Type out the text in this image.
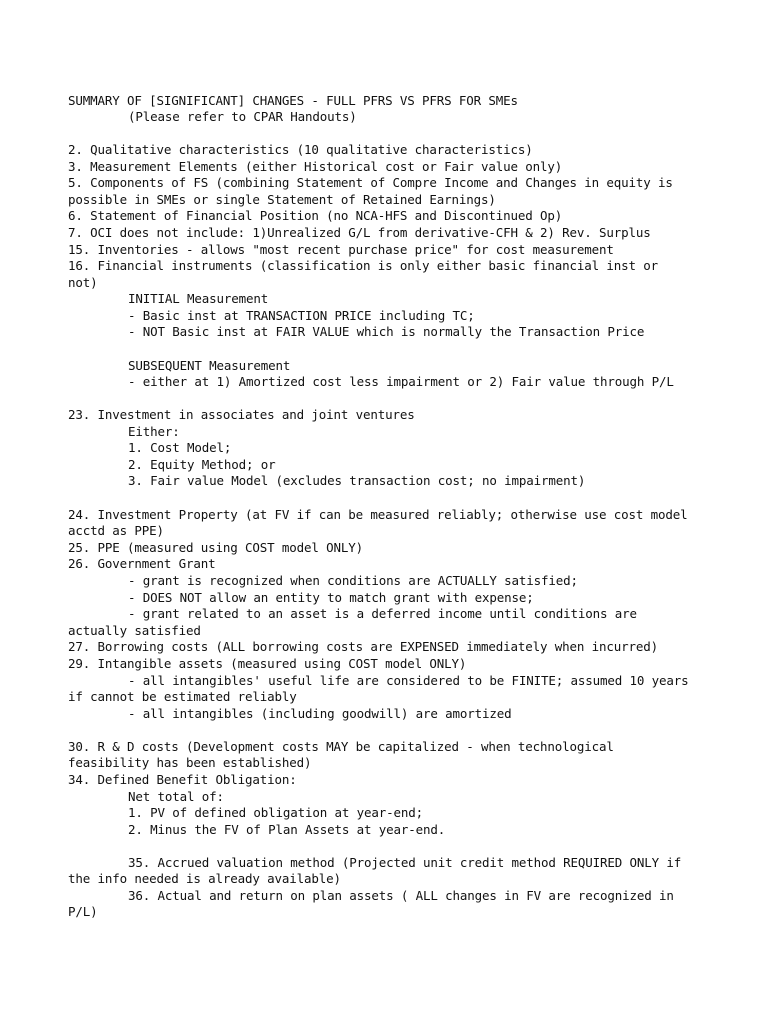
SUMMARY OF [SIGNIFICANT] CHANGES - FULL PFRS VS PFRS FOR SMEs

(Please refer to CPAR Handouts)

2. Qualitative characteristics (10 qualitative characteristics)

3. Measurement Elements (either Historical cost or Fair value only)

5. Components of FS (combining Statement of Compre Income and Changes in equity is

possible in SMEs or single Statement of Retained Earnings)

6. Statement of Financial Position (no NCA-HFS and Discontinued Op)

7. OCI does not include: 1)Unrealized G/L from derivative-CFH & 2) Rev. Surplus

15. Inventories - allows "most recent purchase price" for cost measurement

16. Financial instruments (classification is only either basic financial inst or

not)

INITIAL Measurement

- Basic inst at TRANSACTION PRICE including TC;

- NOT Basic inst at FAIR VALUE which is normally the Transaction Price

SUBSEQUENT Measurement

- either at 1) Amortized cost less impairment or 2) Fair value through P/L

23. Investment in associates and joint ventures

Either:

1. Cost Model;

2. Equity Method; or

3. Fair value Model (excludes transaction cost; no impairment)

24. Investment Property (at FV if can be measured reliably; otherwise use cost model

acctd as PPE)

25. PPE (measured using COST model ONLY)

26. Government Grant

- grant is recognized when conditions are ACTUALLY satisfied;

- DOES NOT allow an entity to match grant with expense;

- grant related to an asset is a deferred income until conditions are

actually satisfied

27. Borrowing costs (ALL borrowing costs are EXPENSED immediately when incurred)

29. Intangible assets (measured using COST model ONLY)

- all intangibles' useful life are considered to be FINITE; assumed 10 years

if cannot be estimated reliably

- all intangibles (including goodwill) are amortized

30. R & D costs (Development costs MAY be capitalized - when technological

feasibility has been established)

34. Defined Benefit Obligation:

Net total of:

1. PV of defined obligation at year-end;

2. Minus the FV of Plan Assets at year-end.

35. Accrued valuation method (Projected unit credit method REQUIRED ONLY if

the info needed is already available)

36. Actual and return on plan assets ( ALL changes in FV are recognized in

P/L)
